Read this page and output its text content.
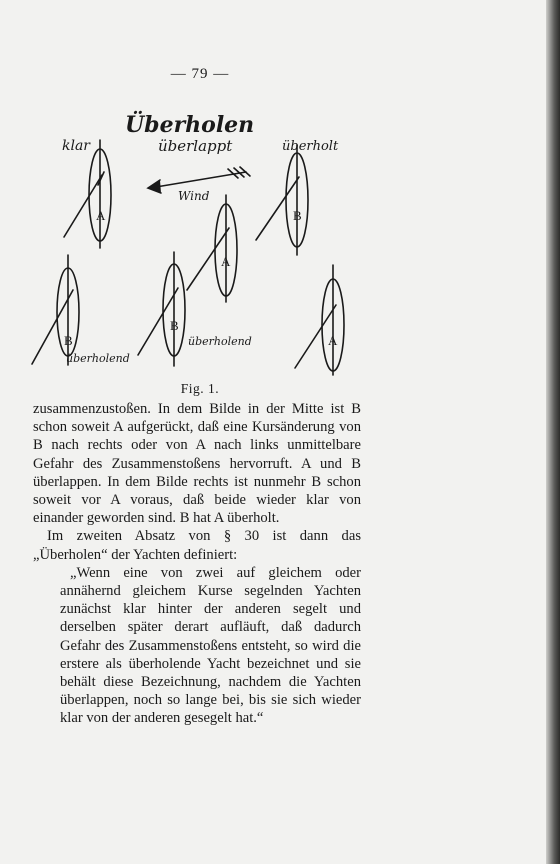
— 79 —
A
B
A
B
B
A
Überholen
klar	überlappt	überholt
Wind
überholend
überholend
Fig. 1.

zusammenzustoßen. In dem Bilde in der Mitte ist B schon soweit A aufgerückt, daß eine Kursänderung von B nach rechts oder von A nach links unmittelbare Gefahr des Zusammenstoßens hervorruft. A und B überlappen. In dem Bilde rechts ist nunmehr B schon soweit vor A voraus, daß beide wieder klar von einander geworden sind. B hat A überholt.

Im zweiten Absatz von § 30 ist dann das „Überholen“ der Yachten definiert:

„Wenn eine von zwei auf gleichem oder annähernd gleichem Kurse segelnden Yachten zunächst klar hinter der anderen segelt und derselben später derart aufläuft, daß dadurch Gefahr des Zusammenstoßens entsteht, so wird die erstere als überholende Yacht bezeichnet und sie behält diese Bezeichnung, nachdem die Yachten überlappen, noch so lange bei, bis sie sich wieder klar von der anderen gesegelt hat.“
